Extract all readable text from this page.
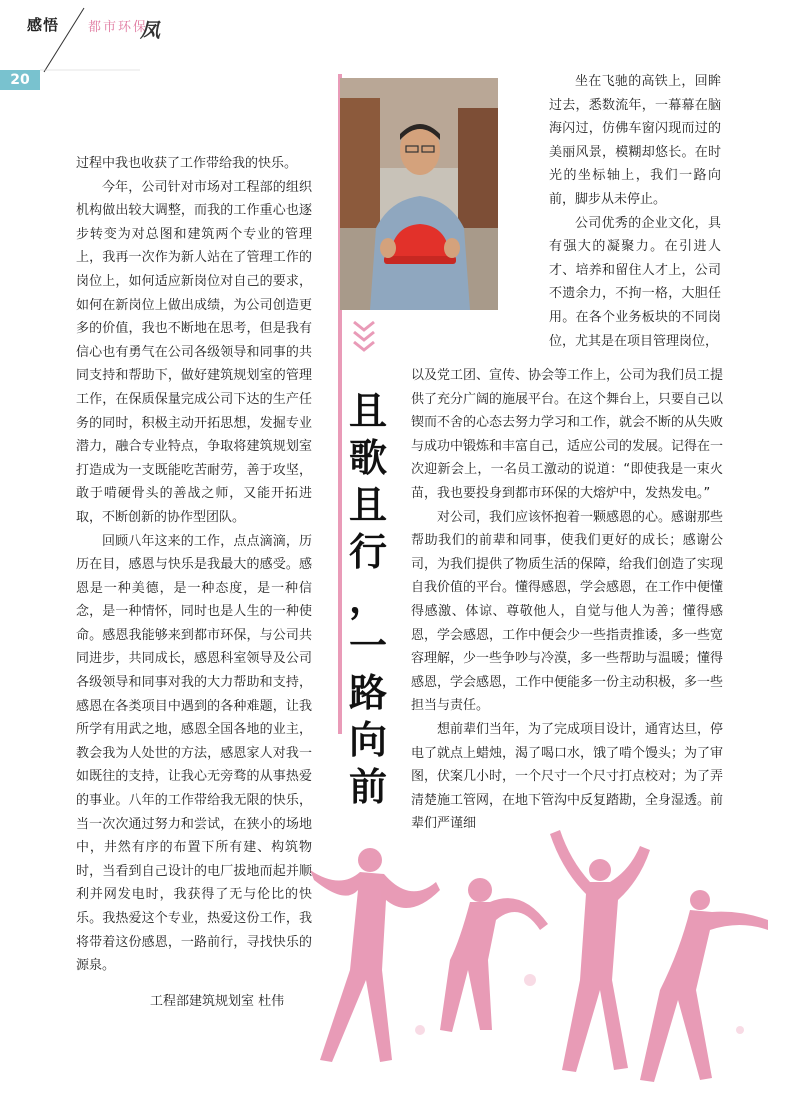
感悟 都市环保
凤
20
且
歌
且
行
，
一
路
向
前

坐在飞驰的高铁上，回眸过去，悉数流年，一幕幕在脑海闪过，仿佛车窗闪现而过的美丽风景，模糊却悠长。在时光的坐标轴上，我们一路向前，脚步从未停止。

公司优秀的企业文化，具有强大的凝聚力。在引进人才、培养和留住人才上，公司不遗余力，不拘一格，大胆任用。在各个业务板块的不同岗位，尤其是在项目管理岗位，

以及党工团、宣传、协会等工作上，公司为我们员工提供了充分广阔的施展平台。在这个舞台上，只要自己以锲而不舍的心态去努力学习和工作，就会不断的从失败与成功中锻炼和丰富自己，适应公司的发展。记得在一次迎新会上，一名员工激动的说道：“即使我是一束火苗，我也要投身到都市环保的大熔炉中，发热发电。”

对公司，我们应该怀抱着一颗感恩的心。感谢那些帮助我们的前辈和同事，使我们更好的成长；感谢公司，为我们提供了物质生活的保障，给我们创造了实现自我价值的平台。懂得感恩，学会感恩，在工作中便懂得感激、体谅、尊敬他人，自觉与他人为善；懂得感恩，学会感恩，工作中便会少一些指责推诿，多一些宽容理解，少一些争吵与冷漠，多一些帮助与温暖；懂得感恩，学会感恩，工作中便能多一份主动积极，多一些担当与责任。

想前辈们当年，为了完成项目设计，通宵达旦，停电了就点上蜡烛，渴了喝口水，饿了啃个馒头；为了审图，伏案几小时，一个尺寸一个尺寸打点校对；为了弄清楚施工管网，在地下管沟中反复踏勘，全身湿透。前辈们严谨细

过程中我也收获了工作带给我的快乐。

今年，公司针对市场对工程部的组织机构做出较大调整，而我的工作重心也逐步转变为对总图和建筑两个专业的管理上，我再一次作为新人站在了管理工作的岗位上，如何适应新岗位对自己的要求，如何在新岗位上做出成绩，为公司创造更多的价值，我也不断地在思考，但是我有信心也有勇气在公司各级领导和同事的共同支持和帮助下，做好建筑规划室的管理工作，在保质保量完成公司下达的生产任务的同时，积极主动开拓思想，发掘专业潜力，融合专业特点，争取将建筑规划室打造成为一支既能吃苦耐劳，善于攻坚，敢于啃硬骨头的善战之师，又能开拓进取，不断创新的协作型团队。

回顾八年这来的工作，点点滴滴，历历在目，感恩与快乐是我最大的感受。感恩是一种美德，是一种态度，是一种信念，是一种情怀，同时也是人生的一种使命。感恩我能够来到都市环保，与公司共同进步，共同成长，感恩科室领导及公司各级领导和同事对我的大力帮助和支持，感恩在各类项目中遇到的各种难题，让我所学有用武之地，感恩全国各地的业主，教会我为人处世的方法，感恩家人对我一如既往的支持，让我心无旁骛的从事热爱的事业。八年的工作带给我无限的快乐，当一次次通过努力和尝试，在狭小的场地中，井然有序的布置下所有建、构筑物时，当看到自己设计的电厂拔地而起并顺利并网发电时，我获得了无与伦比的快乐。我热爱这个专业，热爱这份工作，我将带着这份感恩，一路前行，寻找快乐的源泉。

工程部建筑规划室 杜伟
